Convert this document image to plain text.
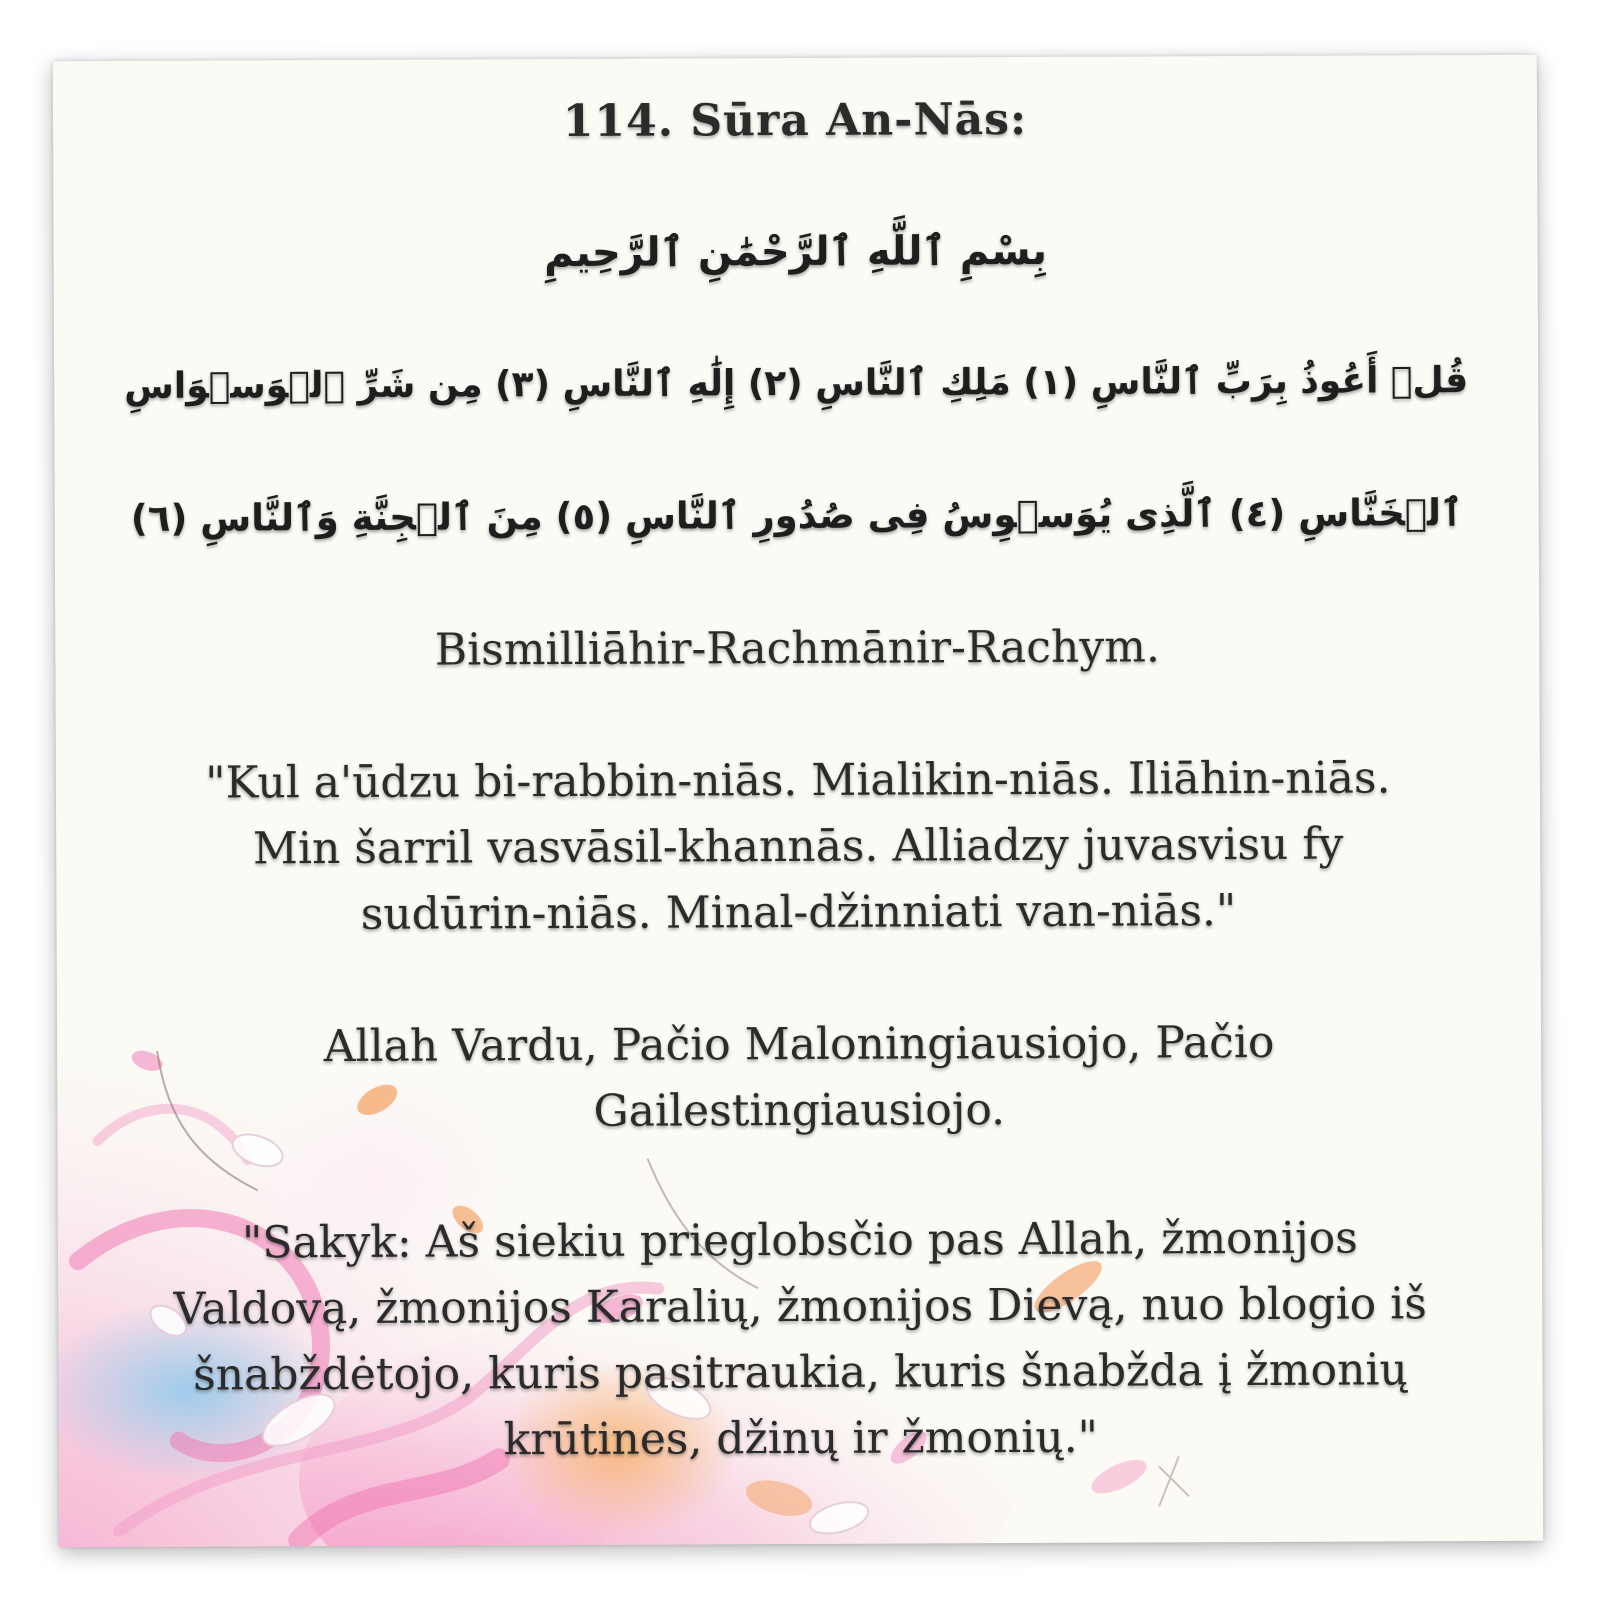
114. Sūra An-Nās:
بِسْمِ ٱللَّهِ ٱلرَّحْمَٰنِ ٱلرَّحِيمِ
قُلۡ أَعُوذُ بِرَبِّ ٱلنَّاسِ (١) مَلِكِ ٱلنَّاسِ (٢) إِلَٰهِ ٱلنَّاسِ (٣) مِن شَرِّ ٱلۡوَسۡوَاسِ
ٱلۡخَنَّاسِ (٤) ٱلَّذِى يُوَسۡوِسُ فِى صُدُورِ ٱلنَّاسِ (٥) مِنَ ٱلۡجِنَّةِ وَٱلنَّاسِ (٦)
Bismilliāhir-Rachmānir-Rachym.
"Kul a'ūdzu bi-rabbin-niās. Mialikin-niās. Iliāhin-niās.
Min šarril vasvāsil-khannās. Alliadzy juvasvisu fy
sudūrin-niās. Minal-džinniati van-niās."
Allah Vardu, Pačio Maloningiausiojo, Pačio
Gailestingiausiojo.
"Sakyk: Aš siekiu prieglobsčio pas Allah, žmonijos
Valdovą, žmonijos Karalių, žmonijos Dievą, nuo blogio iš
šnabždėtojo, kuris pasitraukia, kuris šnabžda į žmonių
krūtines, džinų ir žmonių."
